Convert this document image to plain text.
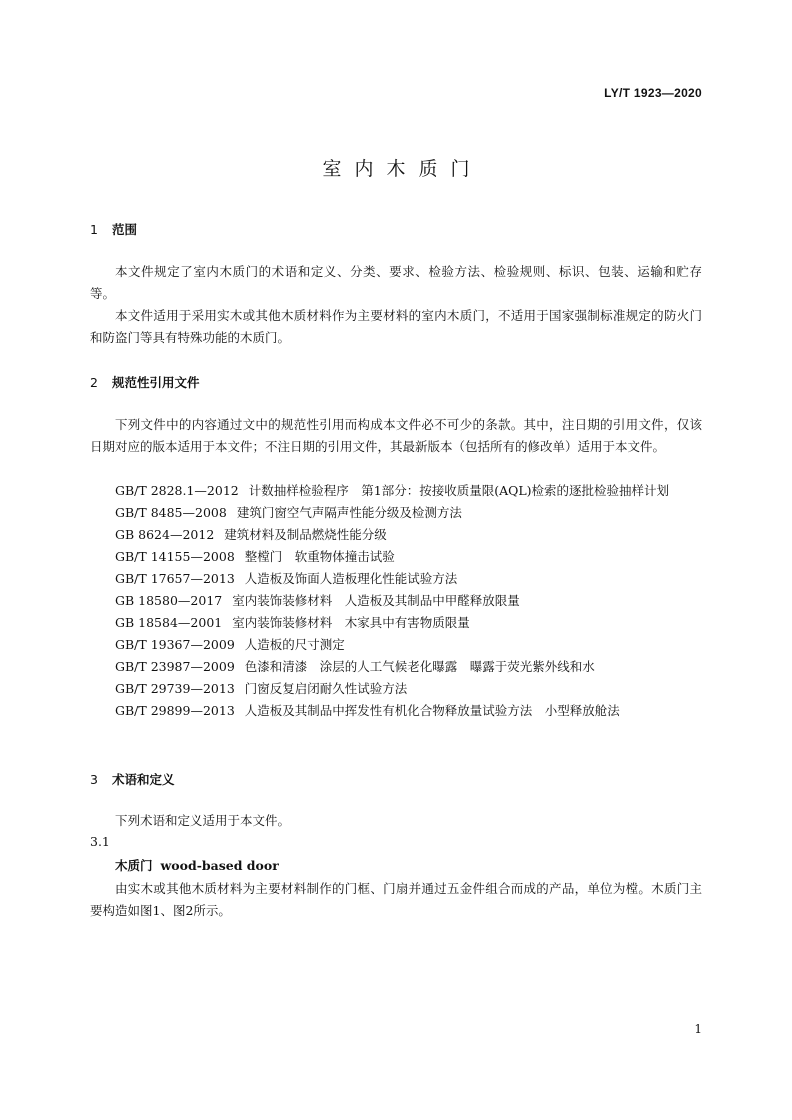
LY/T 1923—2020
室内木质门
1 范围

本文件规定了室内木质门的术语和定义、分类、要求、检验方法、检验规则、标识、包装、运输和贮存等。

本文件适用于采用实木或其他木质材料作为主要材料的室内木质门，不适用于国家强制标准规定的防火门和防盗门等具有特殊功能的木质门。

2 规范性引用文件

下列文件中的内容通过文中的规范性引用而构成本文件必不可少的条款。其中，注日期的引用文件，仅该日期对应的版本适用于本文件；不注日期的引用文件，其最新版本（包括所有的修改单）适用于本文件。

GB/T 2828.1—2012 计数抽样检验程序　第1部分：按接收质量限(AQL)检索的逐批检验抽样计划
GB/T 8485—2008 建筑门窗空气声隔声性能分级及检测方法
GB 8624—2012 建筑材料及制品燃烧性能分级
GB/T 14155—2008 整樘门　软重物体撞击试验
GB/T 17657—2013 人造板及饰面人造板理化性能试验方法
GB 18580—2017 室内装饰装修材料　人造板及其制品中甲醛释放限量
GB 18584—2001 室内装饰装修材料　木家具中有害物质限量
GB/T 19367—2009 人造板的尺寸测定
GB/T 23987—2009 色漆和清漆　涂层的人工气候老化曝露　曝露于荧光紫外线和水
GB/T 29739—2013 门窗反复启闭耐久性试验方法
GB/T 29899—2013 人造板及其制品中挥发性有机化合物释放量试验方法　小型释放舱法
3 术语和定义

下列术语和定义适用于本文件。

3.1
木质门 wood-based door

由实木或其他木质材料为主要材料制作的门框、门扇并通过五金件组合而成的产品，单位为樘。木质门主要构造如图1、图2所示。

1
